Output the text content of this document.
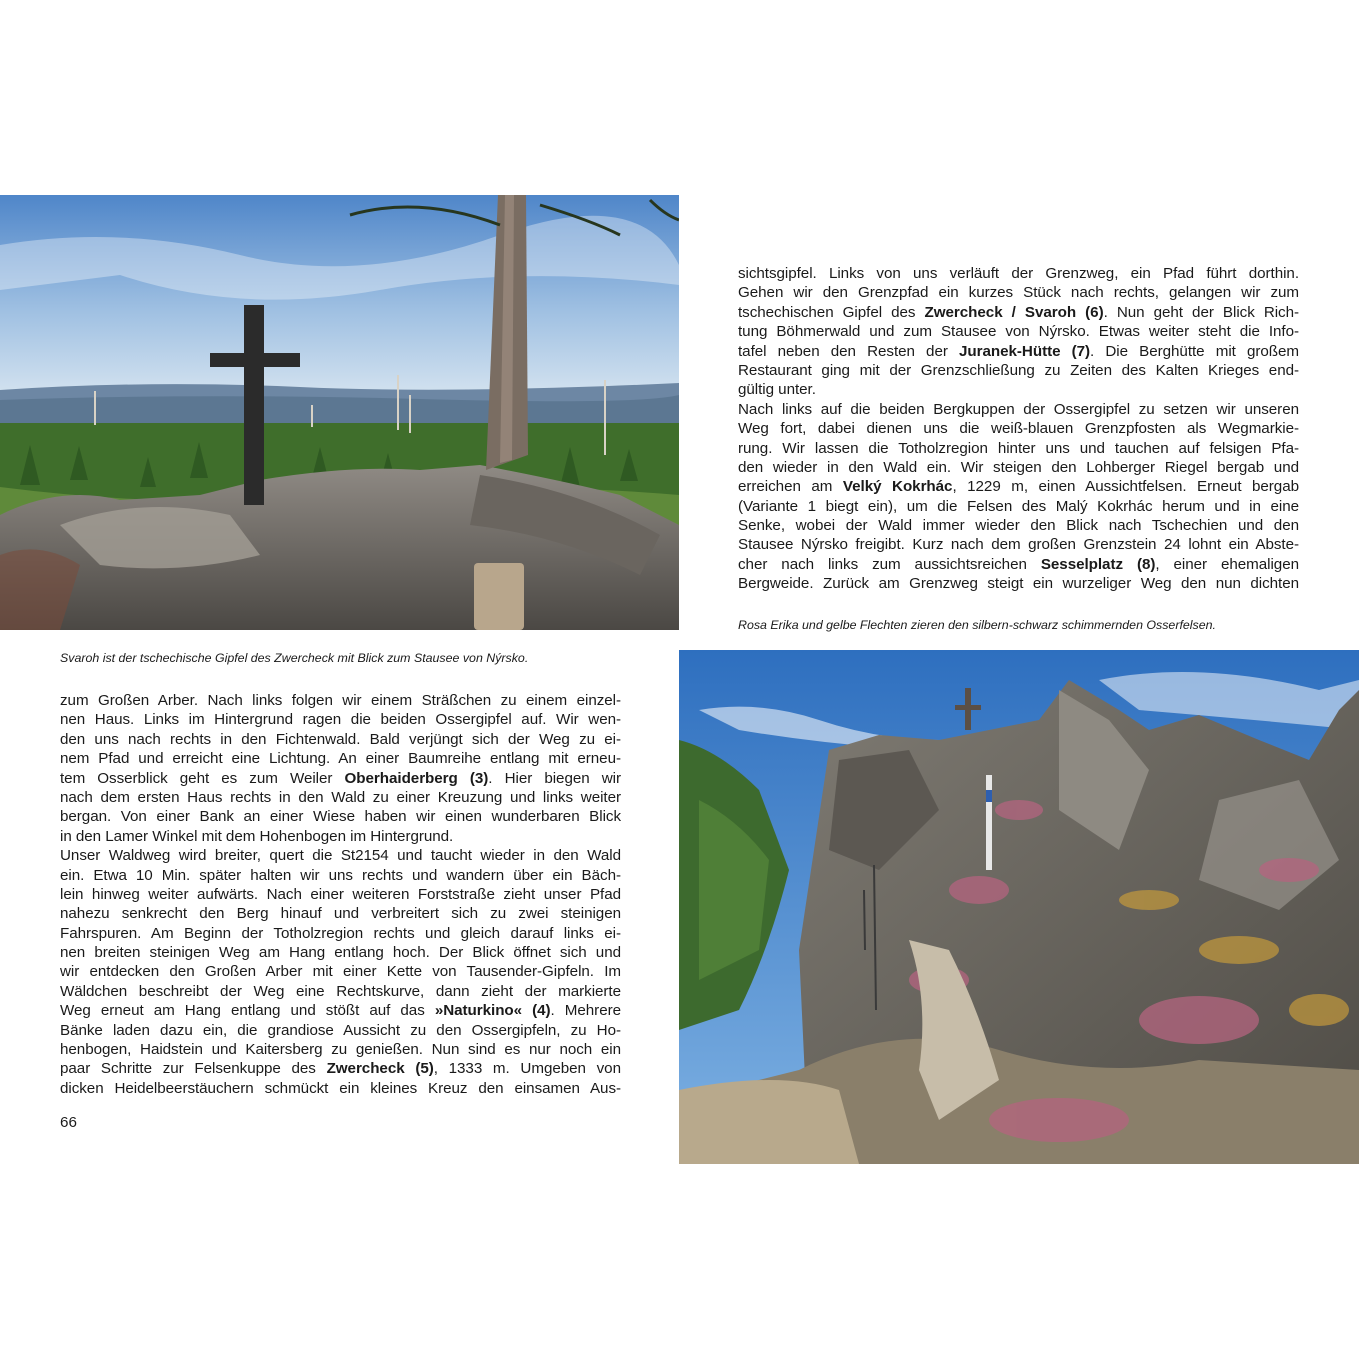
Svaroh ist der tschechische Gipfel des Zwercheck mit Blick zum Stausee von Nýrsko.
Rosa Erika und gelbe Flechten zieren den silbern-schwarz schimmernden Osserfelsen.
zum Großen Arber. Nach links folgen wir einem Sträßchen zu einem einzel-
nen Haus. Links im Hintergrund ragen die beiden Ossergipfel auf. Wir wen-
den uns nach rechts in den Fichtenwald. Bald verjüngt sich der Weg zu ei-
nem Pfad und erreicht eine Lichtung. An einer Baumreihe entlang mit erneu-
tem Osserblick geht es zum Weiler Oberhaiderberg (3). Hier biegen wir
nach dem ersten Haus rechts in den Wald zu einer Kreuzung und links weiter
bergan. Von einer Bank an einer Wiese haben wir einen wunderbaren Blick
in den Lamer Winkel mit dem Hohenbogen im Hintergrund.
Unser Waldweg wird breiter, quert die St2154 und taucht wieder in den Wald
ein. Etwa 10 Min. später halten wir uns rechts und wandern über ein Bäch-
lein hinweg weiter aufwärts. Nach einer weiteren Forststraße zieht unser Pfad
nahezu senkrecht den Berg hinauf und verbreitert sich zu zwei steinigen
Fahrspuren. Am Beginn der Totholzregion rechts und gleich darauf links ei-
nen breiten steinigen Weg am Hang entlang hoch. Der Blick öffnet sich und
wir entdecken den Großen Arber mit einer Kette von Tausender-Gipfeln. Im
Wäldchen beschreibt der Weg eine Rechtskurve, dann zieht der markierte
Weg erneut am Hang entlang und stößt auf das »Naturkino« (4). Mehrere
Bänke laden dazu ein, die grandiose Aussicht zu den Ossergipfeln, zu Ho-
henbogen, Haidstein und Kaitersberg zu genießen. Nun sind es nur noch ein
paar Schritte zur Felsenkuppe des Zwercheck (5), 1333 m. Umgeben von
dicken Heidelbeerstäuchern schmückt ein kleines Kreuz den einsamen Aus-
sichtsgipfel. Links von uns verläuft der Grenzweg, ein Pfad führt dorthin.
Gehen wir den Grenzpfad ein kurzes Stück nach rechts, gelangen wir zum
tschechischen Gipfel des Zwercheck / Svaroh (6). Nun geht der Blick Rich-
tung Böhmerwald und zum Stausee von Nýrsko. Etwas weiter steht die Info-
tafel neben den Resten der Juranek-Hütte (7). Die Berghütte mit großem
Restaurant ging mit der Grenzschließung zu Zeiten des Kalten Krieges end-
gültig unter.
Nach links auf die beiden Bergkuppen der Ossergipfel zu setzen wir unseren
Weg fort, dabei dienen uns die weiß-blauen Grenzpfosten als Wegmarkie-
rung. Wir lassen die Totholzregion hinter uns und tauchen auf felsigen Pfa-
den wieder in den Wald ein. Wir steigen den Lohberger Riegel bergab und
erreichen am Velký Kokrhác, 1229 m, einen Aussichtfelsen. Erneut bergab
(Variante 1 biegt ein), um die Felsen des Malý Kokrhác herum und in eine
Senke, wobei der Wald immer wieder den Blick nach Tschechien und den
Stausee Nýrsko freigibt. Kurz nach dem großen Grenzstein 24 lohnt ein Abste-
cher nach links zum aussichtsreichen Sesselplatz (8), einer ehemaligen
Bergweide. Zurück am Grenzweg steigt ein wurzeliger Weg den nun dichten
66
